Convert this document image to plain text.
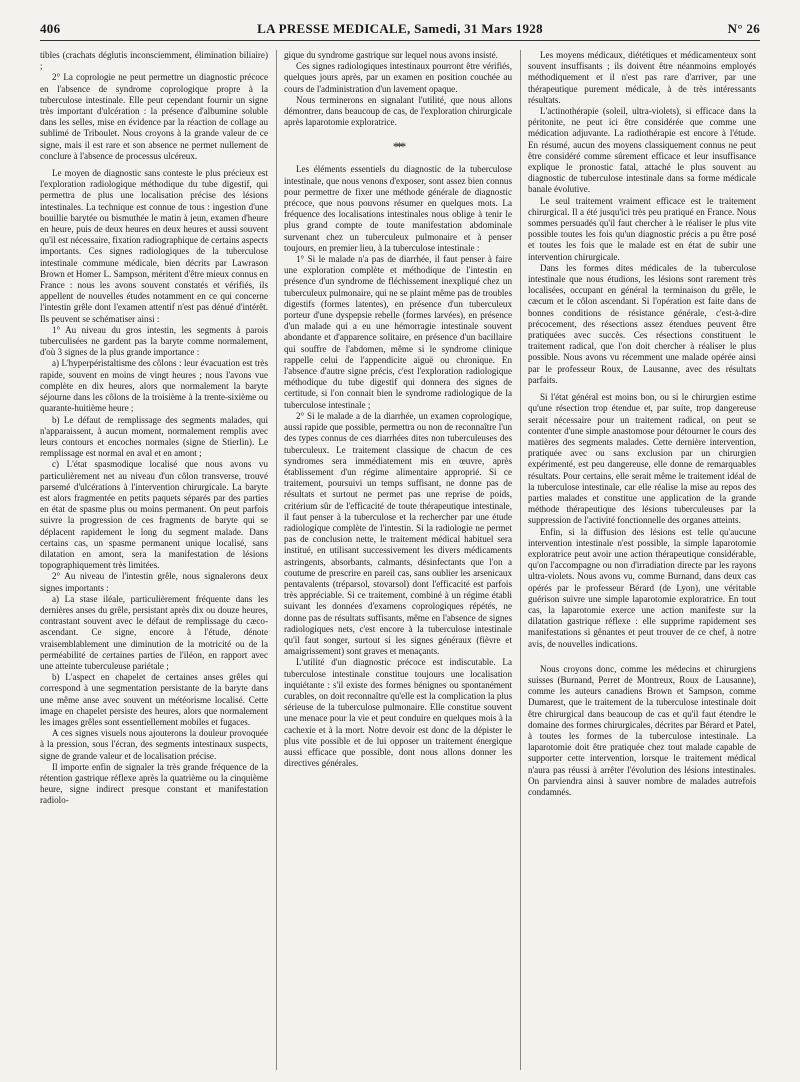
406	LA PRESSE MEDICALE, Samedi, 31 Mars 1928	N° 26

tibles (crachats déglutis inconsciemment, élimination biliaire) ;

2° La coprologie ne peut permettre un diagnostic précoce en l'absence de syndrome coprologique propre à la tuberculose intestinale. Elle peut cependant fournir un signe très important d'ulcération : la présence d'albumine soluble dans les selles, mise en évidence par la réaction de collage au sublimé de Triboulet. Nous croyons à la grande valeur de ce signe, mais il est rare et son absence ne permet nullement de conclure à l'absence de processus ulcéreux.

Le moyen de diagnostic sans conteste le plus précieux est l'exploration radiologique méthodique du tube digestif, qui permettra de plus une localisation précise des lésions intestinales. La technique est connue de tous : ingestion d'une bouillie barytée ou bismuthée le matin à jeun, examen d'heure en heure, puis de deux heures en deux heures et aussi souvent qu'il est nécessaire, fixation radiographique de certains aspects importants. Ces signes radiologiques de la tuberculose intestinale commune médicale, bien décrits par Lawrason Brown et Homer L. Sampson, méritent d'être mieux connus en France : nous les avons souvent constatés et vérifiés, ils appellent de nouvelles études notamment en ce qui concerne l'intestin grêle dont l'examen attentif n'est pas dénué d'intérêt. Ils peuvent se schématiser ainsi :

1° Au niveau du gros intestin, les segments à parois tuberculisées ne gardent pas la baryte comme normalement, d'où 3 signes de la plus grande importance :

a) L'hyperpéristaltisme des côlons : leur évacuation est très rapide, souvent en moins de vingt heures ; nous l'avons vue complète en dix heures, alors que normalement la baryte séjourne dans les côlons de la troisième à la trente-sixième ou quarante-huitième heure ;

b) Le défaut de remplissage des segments malades, qui n'apparaissent, à aucun moment, normalement remplis avec leurs contours et encoches normales (signe de Stierlin). Le remplissage est normal en aval et en amont ;

c) L'état spasmodique localisé que nous avons vu particulièrement net au niveau d'un côlon transverse, trouvé parsemé d'ulcérations à l'intervention chirurgicale. La baryte est alors fragmentée en petits paquets séparés par des parties en état de spasme plus ou moins permanent. On peut parfois suivre la progression de ces fragments de baryte qui se déplacent rapidement le long du segment malade. Dans certains cas, un spasme permanent unique localisé, sans dilatation en amont, sera la manifestation de lésions topographiquement très limitées.

2° Au niveau de l'intestin grêle, nous signalerons deux signes importants :

a) La stase iléale, particulièrement fréquente dans les dernières anses du grêle, persistant après dix ou douze heures, contrastant souvent avec le défaut de remplissage du cæco-ascendant. Ce signe, encore à l'étude, dénote vraisemblablement une diminution de la motricité ou de la perméabilité de certaines parties de l'iléon, en rapport avec une atteinte tuberculeuse pariétale ;

b) L'aspect en chapelet de certaines anses grêles qui correspond à une segmentation persistante de la baryte dans une même anse avec souvent un météorisme localisé. Cette image en chapelet persiste des heures, alors que normalement les images grêles sont essentiellement mobiles et fugaces.

A ces signes visuels nous ajouterons la douleur provoquée à la pression, sous l'écran, des segments intestinaux suspects, signe de grande valeur et de localisation précise.

Il importe enfin de signaler la très grande fréquence de la rétention gastrique réflexe après la quatrième ou la cinquième heure, signe indirect presque constant et manifestation radiolo-

gique du syndrome gastrique sur lequel nous avons insisté.

Ces signes radiologiques intestinaux pourront être vérifiés, quelques jours après, par un examen en position couchée au cours de l'administration d'un lavement opaque.

Nous terminerons en signalant l'utilité, que nous allons démontrer, dans beaucoup de cas, de l'exploration chirurgicale après laparotomie exploratrice.

***

Les éléments essentiels du diagnostic de la tuberculose intestinale, que nous venons d'exposer, sont assez bien connus pour permettre de fixer une méthode générale de diagnostic précoce, que nous pouvons résumer en quelques mots. La fréquence des localisations intestinales nous oblige à tenir le plus grand compte de toute manifestation abdominale survenant chez un tuberculeux pulmonaire et à penser toujours, en premier lieu, à la tuberculose intestinale :

1° Si le malade n'a pas de diarrhée, il faut penser à faire une exploration complète et méthodique de l'intestin en présence d'un syndrome de fléchissement inexpliqué chez un tuberculeux pulmonaire, qui ne se plaint même pas de troubles digestifs (formes latentes), en présence d'un tuberculeux porteur d'une dyspepsie rebelle (formes larvées), en présence d'un malade qui a eu une hémorragie intestinale souvent abondante et d'apparence solitaire, en présence d'un bacillaire qui souffre de l'abdomen, même si le syndrome clinique rappelle celui de l'appendicite aiguë ou chronique. En l'absence d'autre signe précis, c'est l'exploration radiologique méthodique du tube digestif qui donnera des signes de certitude, si l'on connait bien le syndrome radiologique de la tuberculose intestinale ;

2° Si le malade a de la diarrhée, un examen coprologique, aussi rapide que possible, permettra ou non de reconnaître l'un des types connus de ces diarrhées dites non tuberculeuses des tuberculeux. Le traitement classique de chacun de ces syndromes sera immédiatement mis en œuvre, après établissement d'un régime alimentaire approprié. Si ce traitement, poursuivi un temps suffisant, ne donne pas de résultats et surtout ne permet pas une reprise de poids, critérium sûr de l'efficacité de toute thérapeutique intestinale, il faut penser à la tuberculose et la rechercher par une étude radiologique complète de l'intestin. Si la radiologie ne permet pas de conclusion nette, le traitement médical habituel sera institué, en utilisant successivement les divers médicaments astringents, absorbants, calmants, désinfectants que l'on a coutume de prescrire en pareil cas, sans oublier les arsenicaux pentavalents (tréparsol, stovarsol) dont l'efficacité est parfois très appréciable. Si ce traitement, combiné à un régime établi suivant les données d'examens coprologiques répétés, ne donne pas de résultats suffisants, même en l'absence de signes radiologiques nets, c'est encore à la tuberculose intestinale qu'il faut songer, surtout si les signes généraux (fièvre et amaigrissement) sont graves et menaçants.

L'utilité d'un diagnostic précoce est indiscutable. La tuberculose intestinale constitue toujours une localisation inquiétante : s'il existe des formes bénignes ou spontanément curables, on doit reconnaître qu'elle est la complication la plus sérieuse de la tuberculose pulmonaire. Elle constitue souvent une menace pour la vie et peut conduire en quelques mois à la cachexie et à la mort. Notre devoir est donc de la dépister le plus vite possible et de lui opposer un traitement énergique aussi efficace que possible, dont nous allons donner les directives générales.

Les moyens médicaux, diététiques et médicamenteux sont souvent insuffisants ; ils doivent être néanmoins employés méthodiquement et il n'est pas rare d'arriver, par une thérapeutique purement médicale, à de très intéressants résultats.

L'actinothérapie (soleil, ultra-violets), si efficace dans la péritonite, ne peut ici être considérée que comme une médication adjuvante. La radiothérapie est encore à l'étude. En résumé, aucun des moyens classiquement connus ne peut être considéré comme sûrement efficace et leur insuffisance explique le pronostic fatal, attaché le plus souvent au diagnostic de tuberculose intestinale dans sa forme médicale banale évolutive.

Le seul traitement vraiment efficace est le traitement chirurgical. Il a été jusqu'ici très peu pratiqué en France. Nous sommes persuadés qu'il faut chercher à le réaliser le plus vite possible toutes les fois qu'un diagnostic précis a pu être posé et toutes les fois que le malade est en état de subir une intervention chirurgicale.

Dans les formes dites médicales de la tuberculose intestinale que nous étudions, les lésions sont rarement très localisées, occupant en général la terminaison du grêle, le cæcum et le côlon ascendant. Si l'opération est faite dans de bonnes conditions de résistance générale, c'est-à-dire précocement, des résections assez étendues peuvent être pratiquées avec succès. Ces résections constituent le traitement radical, que l'on doit chercher à réaliser le plus possible. Nous avons vu récemment une malade opérée ainsi par le professeur Roux, de Lausanne, avec des résultats parfaits.

Si l'état général est moins bon, ou si le chirurgien estime qu'une résection trop étendue et, par suite, trop dangereuse serait nécessaire pour un traitement radical, on peut se contenter d'une simple anastomose pour détourner le cours des matières des segments malades. Cette dernière intervention, pratiquée avec ou sans exclusion par un chirurgien expérimenté, est peu dangereuse, elle donne de remarquables résultats. Pour certains, elle serait même le traitement idéal de la tuberculose intestinale, car elle réalise la mise au repos des parties malades et constitue une application de la grande méthode thérapeutique des lésions tuberculeuses par la suppression de l'activité fonctionnelle des organes atteints.

Enfin, si la diffusion des lésions est telle qu'aucune intervention intestinale n'est possible, la simple laparotomie exploratrice peut avoir une action thérapeutique considérable, qu'on l'accompagne ou non d'irradiation directe par les rayons ultra-violets. Nous avons vu, comme Burnand, dans deux cas opérés par le professeur Bérard (de Lyon), une véritable guérison suivre une simple laparotomie exploratrice. En tout cas, la laparotomie exerce une action manifeste sur la dilatation gastrique réflexe : elle supprime rapidement ses manifestations si gênantes et peut trouver de ce chef, à notre avis, de nouvelles indications.

Nous croyons donc, comme les médecins et chirurgiens suisses (Burnand, Perret de Montreux, Roux de Lausanne), comme les auteurs canadiens Brown et Sampson, comme Dumarest, que le traitement de la tuberculose intestinale doit être chirurgical dans beaucoup de cas et qu'il faut étendre le domaine des formes chirurgicales, décrites par Bérard et Patel, à toutes les formes de la tuberculose intestinale. La laparotomie doit être pratiquée chez tout malade capable de supporter cette intervention, lorsque le traitement médical n'aura pas réussi à arrêter l'évolution des lésions intestinales. On parviendra ainsi à sauver nombre de malades autrefois condamnés.
